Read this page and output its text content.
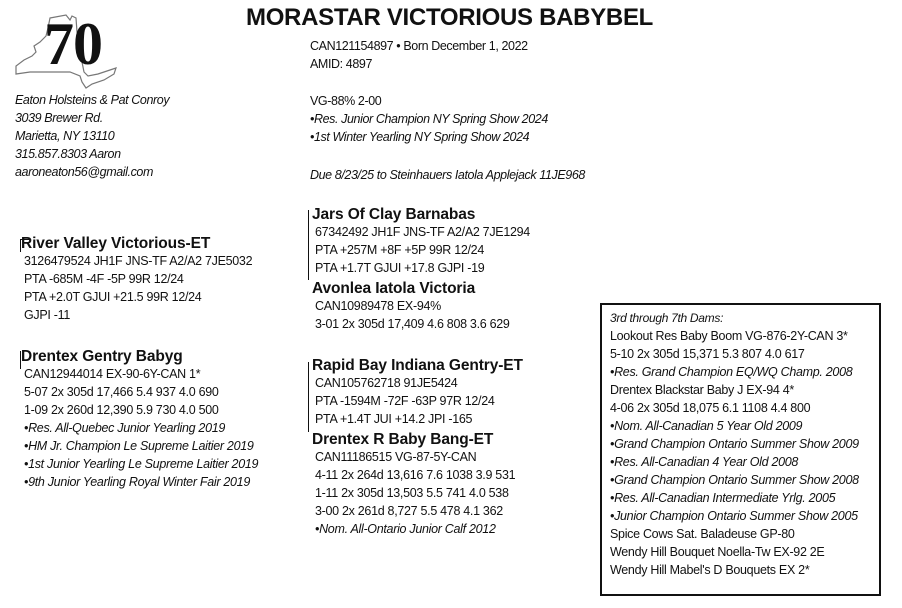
70	MORASTAR VICTORIOUS BABYBEL
CAN121154897 • Born December 1, 2022
AMID: 4897
VG-88% 2-00
•Res. Junior Champion NY Spring Show 2024
•1st Winter Yearling NY Spring Show 2024
Due 8/23/25 to Steinhauers Iatola Applejack 11JE968
Eaton Holsteins & Pat Conroy
3039 Brewer Rd.
Marietta, NY 13110
315.857.8303 Aaron
aaroneaton56@gmail.com
River Valley Victorious-ET
3126479524 JH1F JNS-TF A2/A2 7JE5032
PTA -685M -4F -5P 99R 12/24
PTA +2.0T GJUI +21.5 99R 12/24
GJPI -11
Drentex Gentry Babyg
CAN12944014 EX-90-6Y-CAN 1*
5-07 2x 305d 17,466 5.4 937 4.0 690
1-09 2x 260d 12,390 5.9 730 4.0 500
•Res. All-Quebec Junior Yearling 2019
•HM Jr. Champion Le Supreme Laitier 2019
•1st Junior Yearling Le Supreme Laitier 2019
•9th Junior Yearling Royal Winter Fair 2019
Jars Of Clay Barnabas
67342492 JH1F JNS-TF A2/A2 7JE1294
PTA +257M +8F +5P 99R 12/24
PTA +1.7T GJUI +17.8 GJPI -19
Avonlea Iatola Victoria
CAN10989478 EX-94%
3-01 2x 305d 17,409 4.6 808 3.6 629
Rapid Bay Indiana Gentry-ET
CAN105762718 91JE5424
PTA -1594M -72F -63P 97R 12/24
PTA +1.4T JUI +14.2 JPI -165
Drentex R Baby Bang-ET
CAN11186515 VG-87-5Y-CAN
4-11 2x 264d 13,616 7.6 1038 3.9 531
1-11 2x 305d 13,503 5.5 741 4.0 538
3-00 2x 261d 8,727 5.5 478 4.1 362
•Nom. All-Ontario Junior Calf 2012
3rd through 7th Dams:
Lookout Res Baby Boom VG-876-2Y-CAN 3*
5-10 2x 305d 15,371 5.3 807 4.0 617
•Res. Grand Champion EQ/WQ Champ. 2008
Drentex Blackstar Baby J EX-94 4*
4-06 2x 305d 18,075 6.1 1108 4.4 800
•Nom. All-Canadian 5 Year Old 2009
•Grand Champion Ontario Summer Show 2009
•Res. All-Canadian 4 Year Old 2008
•Grand Champion Ontario Summer Show 2008
•Res. All-Canadian Intermediate Yrlg. 2005
•Junior Champion Ontario Summer Show 2005
Spice Cows Sat. Baladeuse GP-80
Wendy Hill Bouquet Noella-Tw EX-92 2E
Wendy Hill Mabel's D Bouquets EX 2*
